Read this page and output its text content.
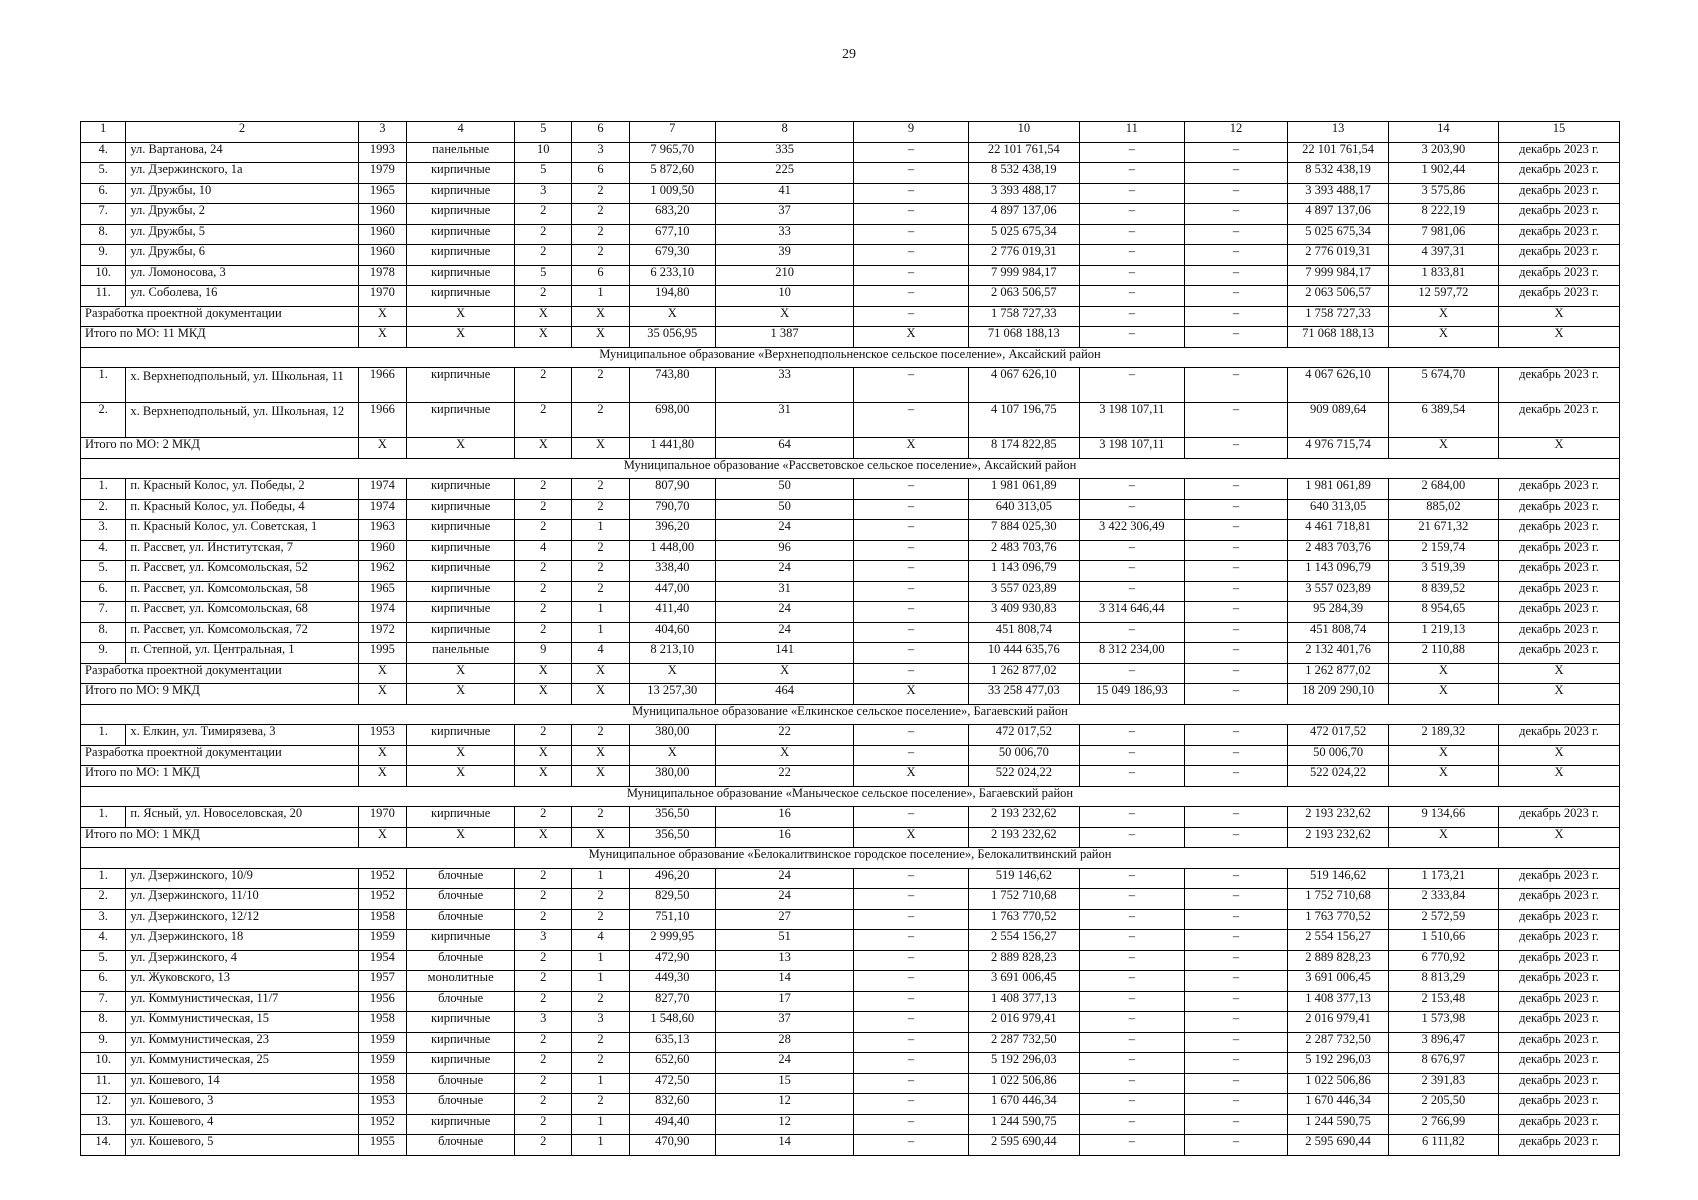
29
1	2	3	4	5	6	7	8	9	10	11	12	13	14	15
4.	ул. Вартанова, 24	1993	панельные	10	3	7 965,70	335	–	22 101 761,54	–	–	22 101 761,54	3 203,90	декабрь 2023 г.
5.	ул. Дзержинского, 1а	1979	кирпичные	5	6	5 872,60	225	–	8 532 438,19	–	–	8 532 438,19	1 902,44	декабрь 2023 г.
6.	ул. Дружбы, 10	1965	кирпичные	3	2	1 009,50	41	–	3 393 488,17	–	–	3 393 488,17	3 575,86	декабрь 2023 г.
7.	ул. Дружбы, 2	1960	кирпичные	2	2	683,20	37	–	4 897 137,06	–	–	4 897 137,06	8 222,19	декабрь 2023 г.
8.	ул. Дружбы, 5	1960	кирпичные	2	2	677,10	33	–	5 025 675,34	–	–	5 025 675,34	7 981,06	декабрь 2023 г.
9.	ул. Дружбы, 6	1960	кирпичные	2	2	679,30	39	–	2 776 019,31	–	–	2 776 019,31	4 397,31	декабрь 2023 г.
10.	ул. Ломоносова, 3	1978	кирпичные	5	6	6 233,10	210	–	7 999 984,17	–	–	7 999 984,17	1 833,81	декабрь 2023 г.
11.	ул. Соболева, 16	1970	кирпичные	2	1	194,80	10	–	2 063 506,57	–	–	2 063 506,57	12 597,72	декабрь 2023 г.
Разработка проектной документации		X	X	X	X	X	X	–	1 758 727,33	–	–	1 758 727,33	X	X
Итого по МО: 11 МКД		X	X	X	X	35 056,95	1 387	X	71 068 188,13	–	–	71 068 188,13	X	X
Муниципальное образование «Верхнеподпольненское сельское поселение», Аксайский район														
1.	х. Верхнеподпольный, ул. Школьная, 11	1966	кирпичные	2	2	743,80	33	–	4 067 626,10	–	–	4 067 626,10	5 674,70	декабрь 2023 г.
2.	х. Верхнеподпольный, ул. Школьная, 12	1966	кирпичные	2	2	698,00	31	–	4 107 196,75	3 198 107,11	–	909 089,64	6 389,54	декабрь 2023 г.
Итого по МО: 2 МКД		X	X	X	X	1 441,80	64	X	8 174 822,85	3 198 107,11	–	4 976 715,74	X	X
Муниципальное образование «Рассветовское сельское поселение», Аксайский район														
1.	п. Красный Колос, ул. Победы, 2	1974	кирпичные	2	2	807,90	50	–	1 981 061,89	–	–	1 981 061,89	2 684,00	декабрь 2023 г.
2.	п. Красный Колос, ул. Победы, 4	1974	кирпичные	2	2	790,70	50	–	640 313,05	–	–	640 313,05	885,02	декабрь 2023 г.
3.	п. Красный Колос, ул. Советская, 1	1963	кирпичные	2	1	396,20	24	–	7 884 025,30	3 422 306,49	–	4 461 718,81	21 671,32	декабрь 2023 г.
4.	п. Рассвет, ул. Институтская, 7	1960	кирпичные	4	2	1 448,00	96	–	2 483 703,76	–	–	2 483 703,76	2 159,74	декабрь 2023 г.
5.	п. Рассвет, ул. Комсомольская, 52	1962	кирпичные	2	2	338,40	24	–	1 143 096,79	–	–	1 143 096,79	3 519,39	декабрь 2023 г.
6.	п. Рассвет, ул. Комсомольская, 58	1965	кирпичные	2	2	447,00	31	–	3 557 023,89	–	–	3 557 023,89	8 839,52	декабрь 2023 г.
7.	п. Рассвет, ул. Комсомольская, 68	1974	кирпичные	2	1	411,40	24	–	3 409 930,83	3 314 646,44	–	95 284,39	8 954,65	декабрь 2023 г.
8.	п. Рассвет, ул. Комсомольская, 72	1972	кирпичные	2	1	404,60	24	–	451 808,74	–	–	451 808,74	1 219,13	декабрь 2023 г.
9.	п. Степной, ул. Центральная, 1	1995	панельные	9	4	8 213,10	141	–	10 444 635,76	8 312 234,00	–	2 132 401,76	2 110,88	декабрь 2023 г.
Разработка проектной документации		X	X	X	X	X	X	–	1 262 877,02	–	–	1 262 877,02	X	X
Итого по МО: 9 МКД		X	X	X	X	13 257,30	464	X	33 258 477,03	15 049 186,93	–	18 209 290,10	X	X
Муниципальное образование «Елкинское сельское поселение», Багаевский район														
1.	х. Елкин, ул. Тимирязева, 3	1953	кирпичные	2	2	380,00	22	–	472 017,52	–	–	472 017,52	2 189,32	декабрь 2023 г.
Разработка проектной документации		X	X	X	X	X	X	–	50 006,70	–	–	50 006,70	X	X
Итого по МО: 1 МКД		X	X	X	X	380,00	22	X	522 024,22	–	–	522 024,22	X	X
Муниципальное образование «Маныческое сельское поселение», Багаевский район														
1.	п. Ясный, ул. Новоселовская, 20	1970	кирпичные	2	2	356,50	16	–	2 193 232,62	–	–	2 193 232,62	9 134,66	декабрь 2023 г.
Итого по МО: 1 МКД		X	X	X	X	356,50	16	X	2 193 232,62	–	–	2 193 232,62	X	X
Муниципальное образование «Белокалитвинское городское поселение», Белокалитвинский район														
1.	ул. Дзержинского, 10/9	1952	блочные	2	1	496,20	24	–	519 146,62	–	–	519 146,62	1 173,21	декабрь 2023 г.
2.	ул. Дзержинского, 11/10	1952	блочные	2	2	829,50	24	–	1 752 710,68	–	–	1 752 710,68	2 333,84	декабрь 2023 г.
3.	ул. Дзержинского, 12/12	1958	блочные	2	2	751,10	27	–	1 763 770,52	–	–	1 763 770,52	2 572,59	декабрь 2023 г.
4.	ул. Дзержинского, 18	1959	кирпичные	3	4	2 999,95	51	–	2 554 156,27	–	–	2 554 156,27	1 510,66	декабрь 2023 г.
5.	ул. Дзержинского, 4	1954	блочные	2	1	472,90	13	–	2 889 828,23	–	–	2 889 828,23	6 770,92	декабрь 2023 г.
6.	ул. Жуковского, 13	1957	монолитные	2	1	449,30	14	–	3 691 006,45	–	–	3 691 006,45	8 813,29	декабрь 2023 г.
7.	ул. Коммунистическая, 11/7	1956	блочные	2	2	827,70	17	–	1 408 377,13	–	–	1 408 377,13	2 153,48	декабрь 2023 г.
8.	ул. Коммунистическая, 15	1958	кирпичные	3	3	1 548,60	37	–	2 016 979,41	–	–	2 016 979,41	1 573,98	декабрь 2023 г.
9.	ул. Коммунистическая, 23	1959	кирпичные	2	2	635,13	28	–	2 287 732,50	–	–	2 287 732,50	3 896,47	декабрь 2023 г.
10.	ул. Коммунистическая, 25	1959	кирпичные	2	2	652,60	24	–	5 192 296,03	–	–	5 192 296,03	8 676,97	декабрь 2023 г.
11.	ул. Кошевого, 14	1958	блочные	2	1	472,50	15	–	1 022 506,86	–	–	1 022 506,86	2 391,83	декабрь 2023 г.
12.	ул. Кошевого, 3	1953	блочные	2	2	832,60	12	–	1 670 446,34	–	–	1 670 446,34	2 205,50	декабрь 2023 г.
13.	ул. Кошевого, 4	1952	кирпичные	2	1	494,40	12	–	1 244 590,75	–	–	1 244 590,75	2 766,99	декабрь 2023 г.
14.	ул. Кошевого, 5	1955	блочные	2	1	470,90	14	–	2 595 690,44	–	–	2 595 690,44	6 111,82	декабрь 2023 г.
